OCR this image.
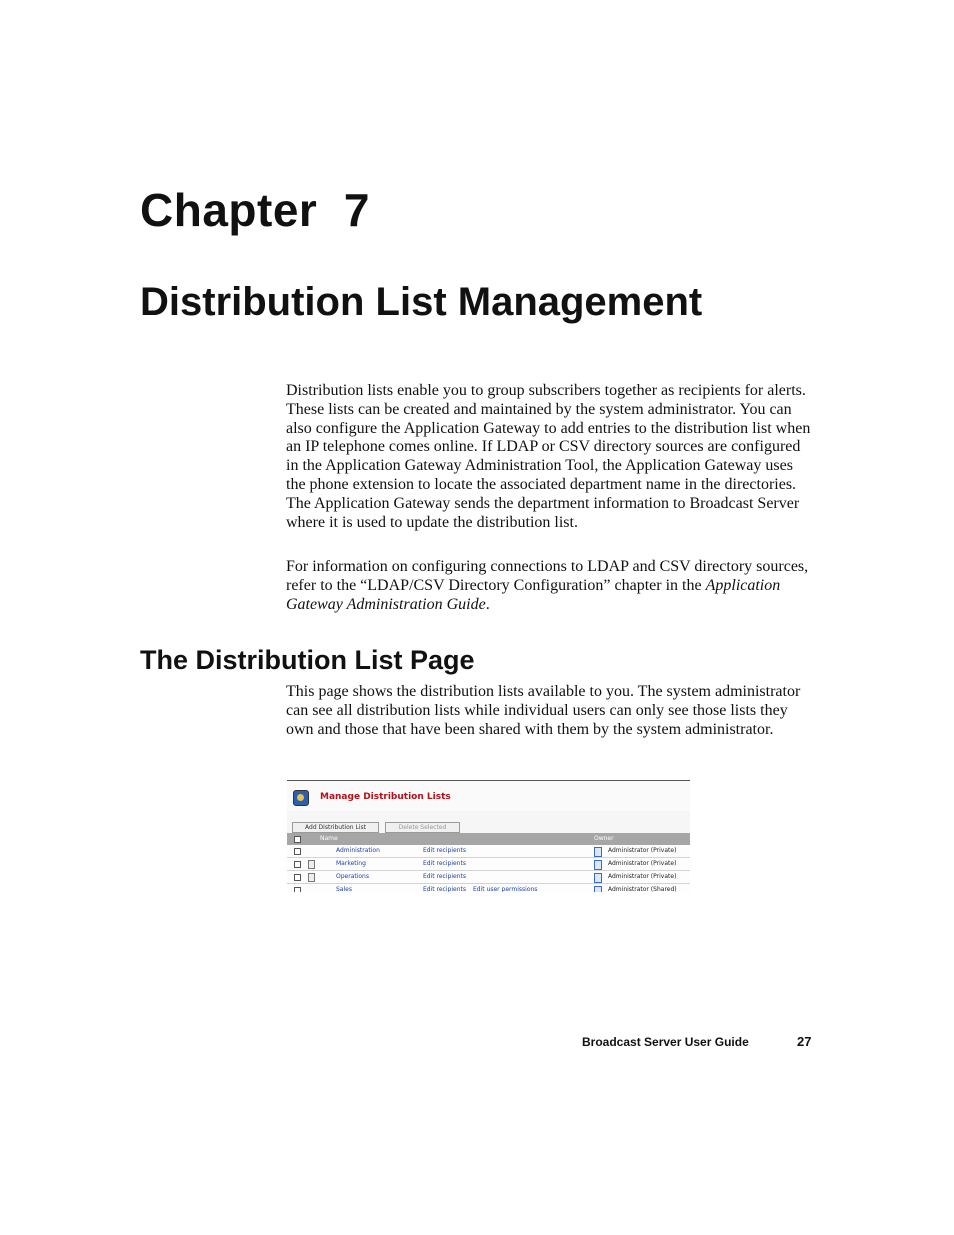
Chapter  7
Distribution List Management

Distribution lists enable you to group subscribers together as recipients for alerts. These lists can be created and maintained by the system administrator. You can also configure the Application Gateway to add entries to the distribution list when an IP telephone comes online. If LDAP or CSV directory sources are configured in the Application Gateway Administration Tool, the Application Gateway uses the phone extension to locate the associated department name in the directories. The Application Gateway sends the department information to Broadcast Server where it is used to update the distribution list.

For information on configuring connections to LDAP and CSV directory sources, refer to the “LDAP/CSV Directory Configuration” chapter in the Application Gateway Administration Guide.

The Distribution List Page

This page shows the distribution lists available to you. The system administrator can see all distribution lists while individual users can only see those lists they own and those that have been shared with them by the system administrator.

Manage Distribution Lists
Add Distribution List	Delete Selected
Name	Owner
Administration	Edit recipients	Administrator (Private)
Marketing	Edit recipients	Administrator (Private)
Operations	Edit recipients	Administrator (Private)
Sales	Edit recipients Edit user permissions	Administrator (Shared)

Broadcast Server User Guide	27
